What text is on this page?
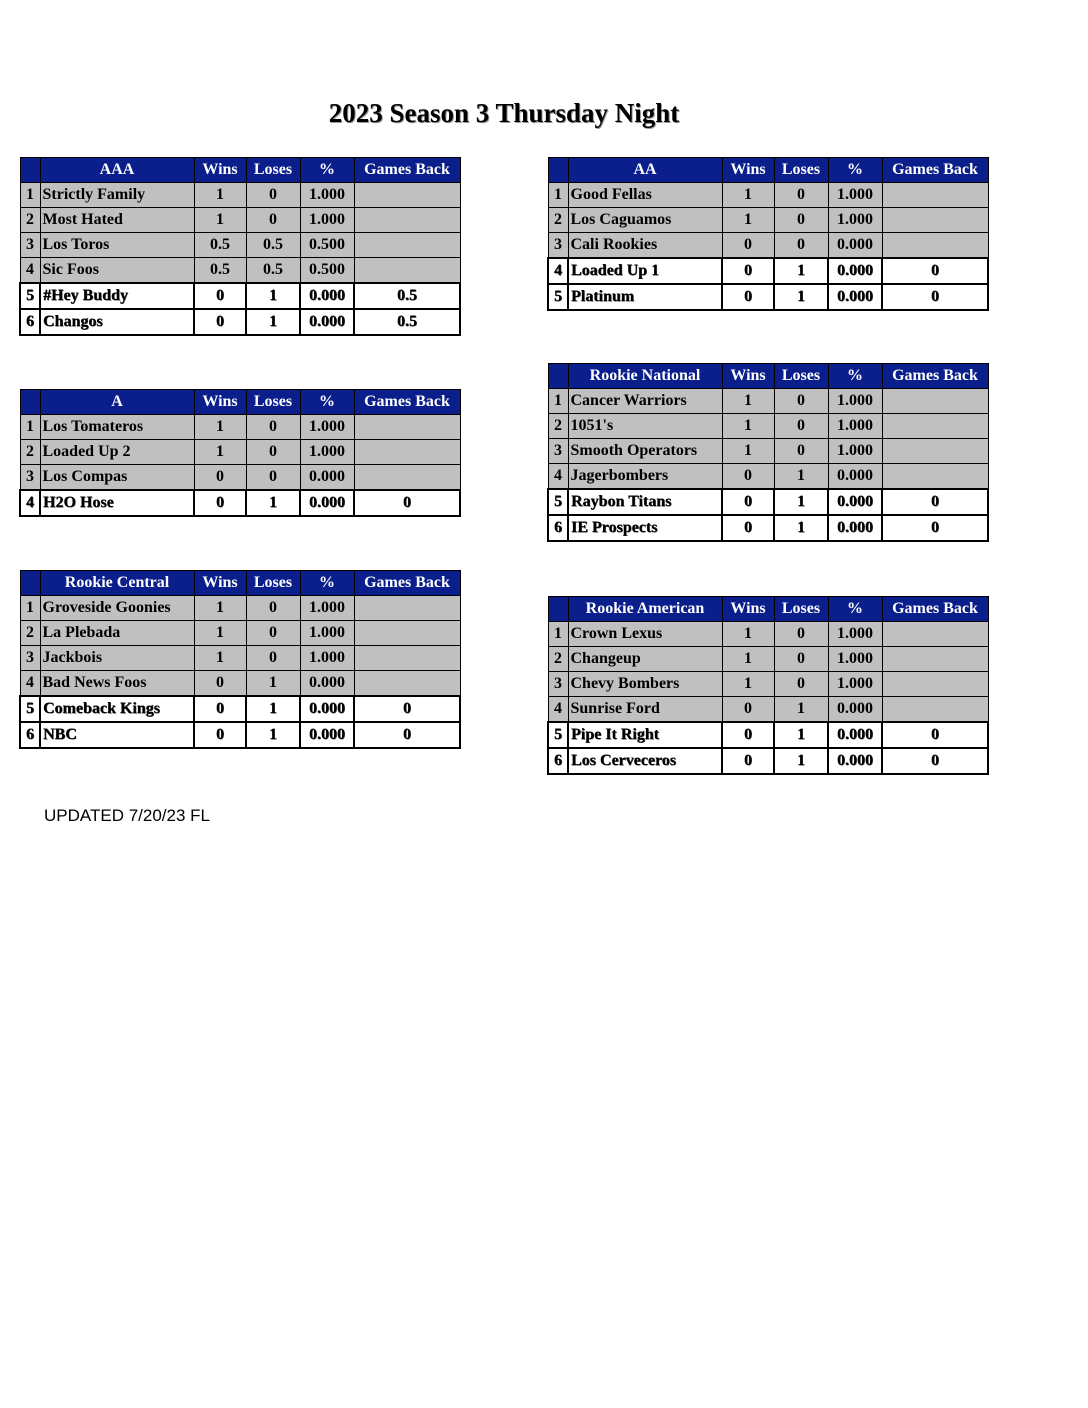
2023 Season 3 Thursday Night
	AAA	Wins	Loses	%	Games Back
1	Strictly Family	1	0	1.000	
2	Most Hated	1	0	1.000	
3	Los Toros	0.5	0.5	0.500	
4	Sic Foos	0.5	0.5	0.500	
5	#Hey Buddy	0	1	0.000	0.5
6	Changos	0	1	0.000	0.5
	AA	Wins	Loses	%	Games Back
1	Good Fellas	1	0	1.000	
2	Los Caguamos	1	0	1.000	
3	Cali Rookies	0	0	0.000	
4	Loaded Up 1	0	1	0.000	0
5	Platinum	0	1	0.000	0
	A	Wins	Loses	%	Games Back
1	Los Tomateros	1	0	1.000	
2	Loaded Up 2	1	0	1.000	
3	Los Compas	0	0	0.000	
4	H2O Hose	0	1	0.000	0
	Rookie National	Wins	Loses	%	Games Back
1	Cancer Warriors	1	0	1.000	
2	1051's	1	0	1.000	
3	Smooth Operators	1	0	1.000	
4	Jagerbombers	0	1	0.000	
5	Raybon Titans	0	1	0.000	0
6	IE Prospects	0	1	0.000	0
	Rookie Central	Wins	Loses	%	Games Back
1	Groveside Goonies	1	0	1.000	
2	La Plebada	1	0	1.000	
3	Jackbois	1	0	1.000	
4	Bad News Foos	0	1	0.000	
5	Comeback Kings	0	1	0.000	0
6	NBC	0	1	0.000	0
	Rookie American	Wins	Loses	%	Games Back
1	Crown Lexus	1	0	1.000	
2	Changeup	1	0	1.000	
3	Chevy Bombers	1	0	1.000	
4	Sunrise Ford	0	1	0.000	
5	Pipe It Right	0	1	0.000	0
6	Los Cerveceros	0	1	0.000	0
UPDATED 7/20/23 FL
